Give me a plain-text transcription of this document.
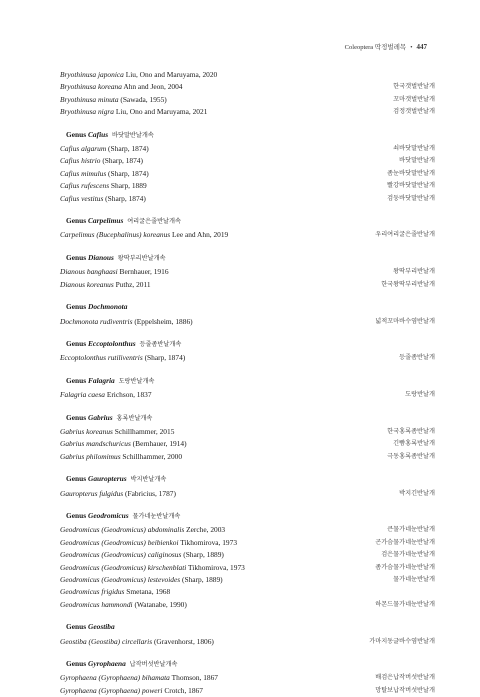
Coleoptera 딱정벌레목 • 447
Bryothinusa japonica Liu, Ono and Maruyama, 2020
Bryothinusa koreana Ahn and Jeon, 2004	한국갯벌반날개
Bryothinusa minuta (Sawada, 1955)	꼬마갯벌반날개
Bryothinusa nigra Liu, Ono and Maruyama, 2021	검정갯벌반날개
Genus Cafius 바닷말반날개속
Cafius algarum (Sharp, 1874)	쇠바닷말반날개
Cafius histrio (Sharp, 1874)	바닷말반날개
Cafius mimulus (Sharp, 1874)	좀눈바닷말반날개
Cafius rufescens Sharp, 1889	빨강바닷말반날개
Cafius vestitus (Sharp, 1874)	검둥바닷말반날개
Genus Carpelimus 여리굴은줄반날개속
Carpelimus (Bucephalinus) koreanus Lee and Ahn, 2019	우리여리굴은줄반날개
Genus Dianous 왕딱부리반날개속
Dianous banghaasi Bernhauer, 1916	왕딱부리반날개
Dianous koreanus Puthz, 2011	한국왕딱부리반날개
Genus Dochmonota
Dochmonota rudiventris (Eppelsheim, 1886)	넓적꼬마바수염반날개
Genus Eccoptolonthus 등줄좀반날개속
Eccoptolonthus rutiliventris (Sharp, 1874)	등줄좀반날개
Genus Falagria 도랑반날개속
Falagria caesa Erichson, 1837	도랑반날개
Genus Gabrius 홍록반날개속
Gabrius koreanus Schillhammer, 2015	한국홍록좀반날개
Gabrius mandschuricus (Bernhauer, 1914)	긴뺨홍록반날개
Gabrius philomimus Schillhammer, 2000	극동홍록좀반날개
Genus Gauropterus 박지반날개속
Gauropterus fulgidus (Fabricius, 1787)	박지긴반날개
Genus Geodromicus 물가네눈반날개속
Geodromicus (Geodromicus) abdominalis Zerche, 2003	큰물가네눈반날개
Geodromicus (Geodromicus) beibienkoi Tikhomirova, 1973	곤가슴물가네눈반날개
Geodromicus (Geodromicus) caliginosus (Sharp, 1889)	검은물가네눈반날개
Geodromicus (Geodromicus) kirschenblati Tikhomirova, 1973	좀가슴물가네눈반날개
Geodromicus (Geodromicus) lestevoides (Sharp, 1889)	물가네눈반날개
Geodromicus frigidus Smetana, 1968
Geodromicus hammondi (Watanabe, 1990)	하몬드물가네눈반날개
Genus Geostiba
Geostiba (Geostiba) circellaris (Gravenhorst, 1806)	가마지동글바수염반날개
Genus Gyrophaena 납작버섯반날개속
Gyrophaena (Gyrophaena) bihamata Thomson, 1867	배검은납작버섯반날개
Gyrophaena (Gyrophaena) poweri Crotch, 1867	망탈보납작버섯반날개
